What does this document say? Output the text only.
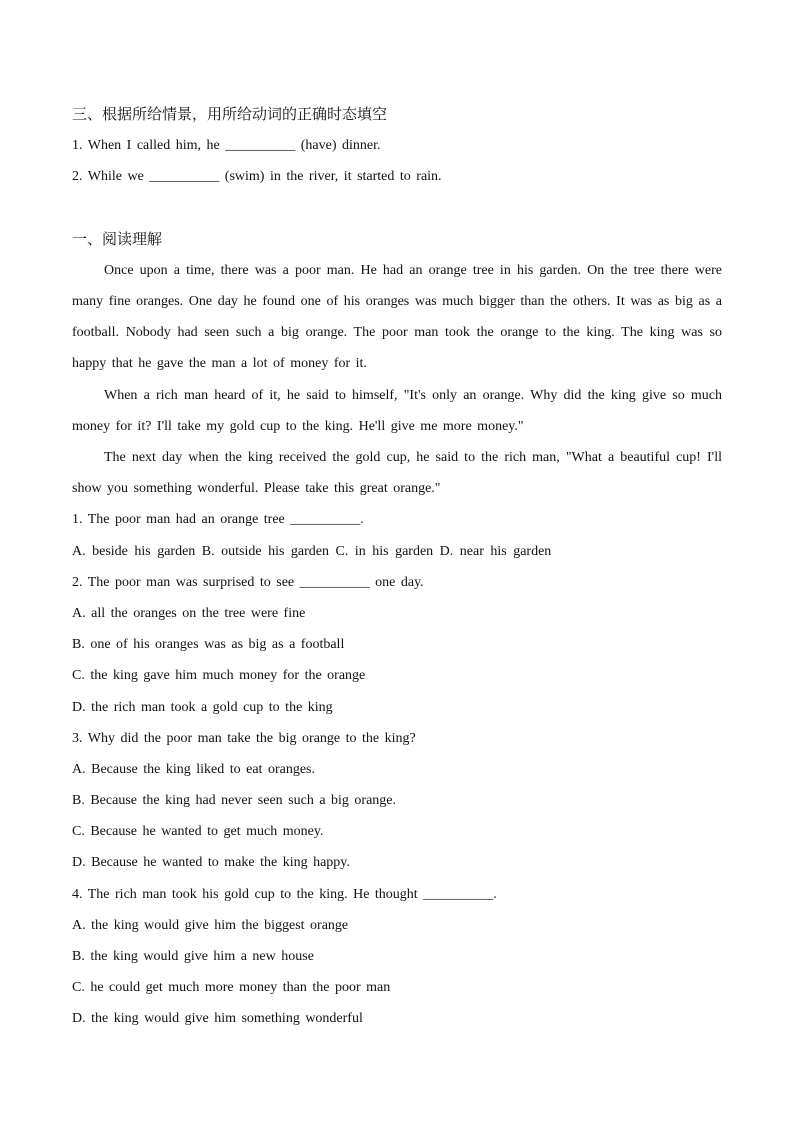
三、根据所给情景，用所给动词的正确时态填空
1. When I called him, he __________ (have) dinner.
2. While we __________ (swim) in the river, it started to rain.
一、阅读理解

Once upon a time, there was a poor man. He had an orange tree in his garden. On the tree there were many fine oranges. One day he found one of his oranges was much bigger than the others. It was as big as a football. Nobody had seen such a big orange. The poor man took the orange to the king. The king was so happy that he gave the man a lot of money for it.

When a rich man heard of it, he said to himself, "It's only an orange. Why did the king give so much money for it? I'll take my gold cup to the king. He'll give me more money."

The next day when the king received the gold cup, he said to the rich man, "What a beautiful cup! I'll show you something wonderful. Please take this great orange."

1. The poor man had an orange tree __________.
A. beside his garden B. outside his garden C. in his garden D. near his garden
2. The poor man was surprised to see __________ one day.
A. all the oranges on the tree were fine
B. one of his oranges was as big as a football
C. the king gave him much money for the orange
D. the rich man took a gold cup to the king
3. Why did the poor man take the big orange to the king?
A. Because the king liked to eat oranges.
B. Because the king had never seen such a big orange.
C. Because he wanted to get much money.
D. Because he wanted to make the king happy.
4. The rich man took his gold cup to the king. He thought __________.
A. the king would give him the biggest orange
B. the king would give him a new house
C. he could get much more money than the poor man
D. the king would give him something wonderful
